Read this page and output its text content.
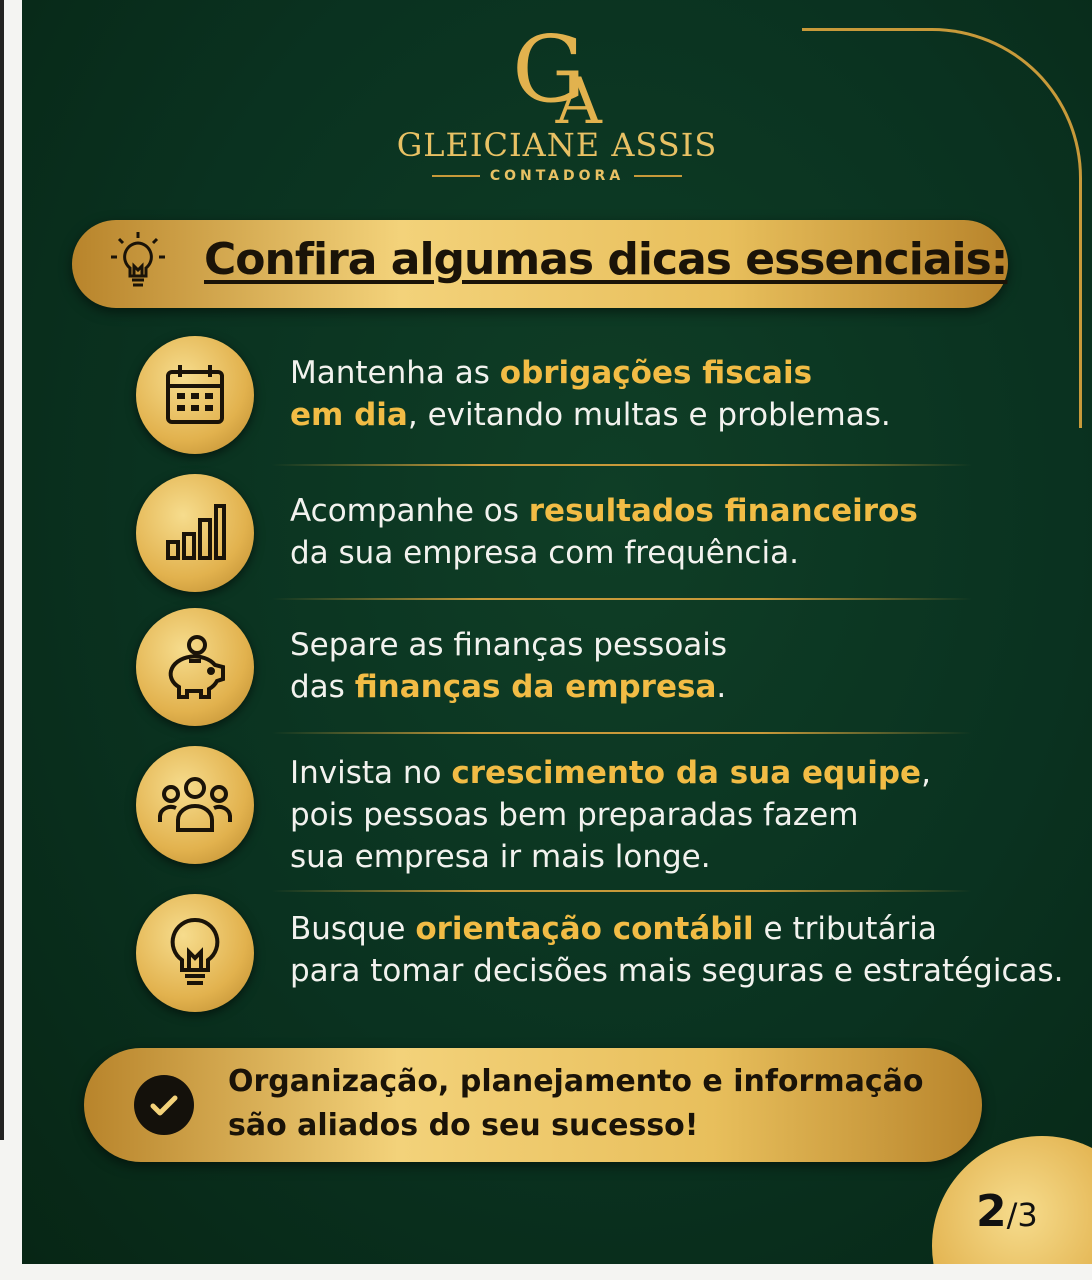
$G_A$
GLEICIANE ASSIS
CONTADORA
Confira algumas dicas essenciais:
Mantenha as obrigações fiscais
em dia, evitando multas e problemas.
Acompanhe os resultados financeiros
da sua empresa com frequência.
Separe as finanças pessoais
das finanças da empresa.
Invista no crescimento da sua equipe,
pois pessoas bem preparadas fazem
sua empresa ir mais longe.
Busque orientação contábil e tributária
para tomar decisões mais seguras e estratégicas.
Organização, planejamento e informação
são aliados do seu sucesso!
2/3
